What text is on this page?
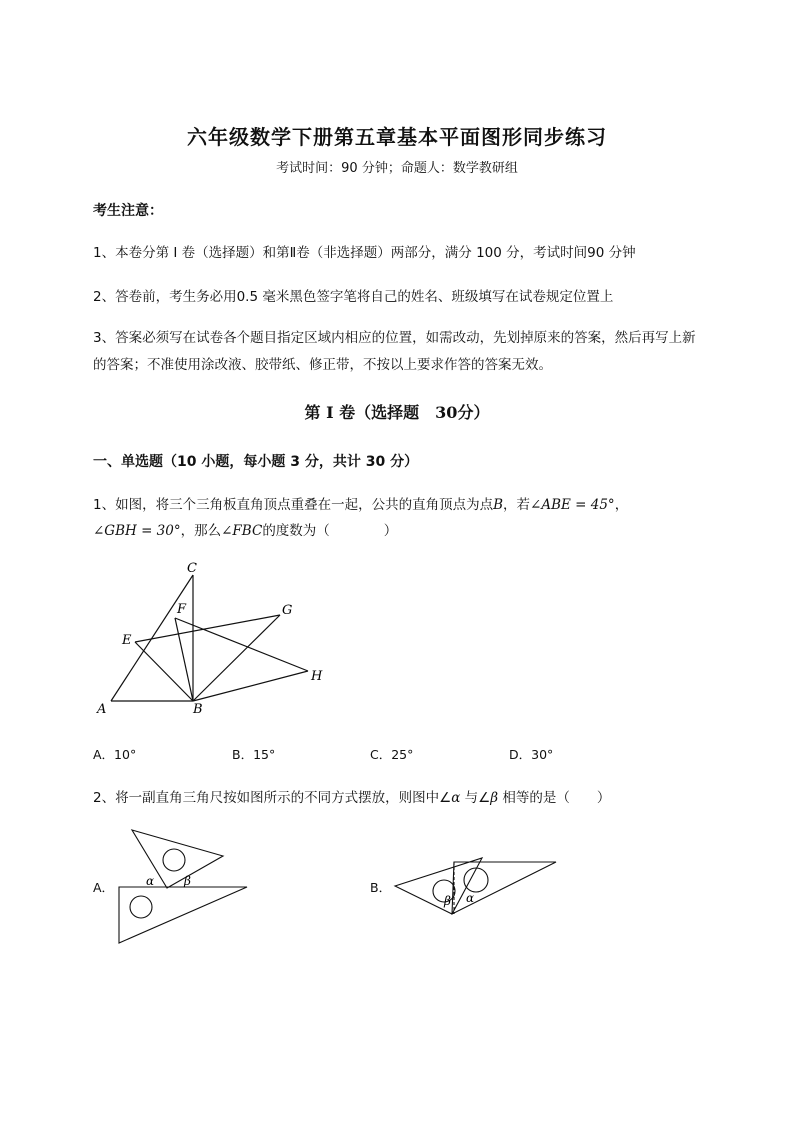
六年级数学下册第五章基本平面图形同步练习
考试时间：90 分钟；命题人：数学教研组
考生注意：
1、本卷分第 I 卷（选择题）和第Ⅱ卷（非选择题）两部分，满分 100 分，考试时间90 分钟
2、答卷前，考生务必用0.5 毫米黑色签字笔将自己的姓名、班级填写在试卷规定位置上
3、答案必须写在试卷各个题目指定区域内相应的位置，如需改动，先划掉原来的答案，然后再写上新
的答案；不准使用涂改液、胶带纸、修正带，不按以上要求作答的答案无效。
第 I 卷（选择题　30分）
一、单选题（10 小题，每小题 3 分，共计 30 分）
1、如图，将三个三角板直角顶点重叠在一起，公共的直角顶点为点B，若∠ABE = 45°，
∠GBH = 30°，那么∠FBC的度数为（　　　　）
C
F	G
E
H
A	B
A．10°	B．15°	C．25°	D．30°
2、将一副直角三角尺按如图所示的不同方式摆放，则图中∠α 与∠β 相等的是（　　）
A．	α β	B．
β α
